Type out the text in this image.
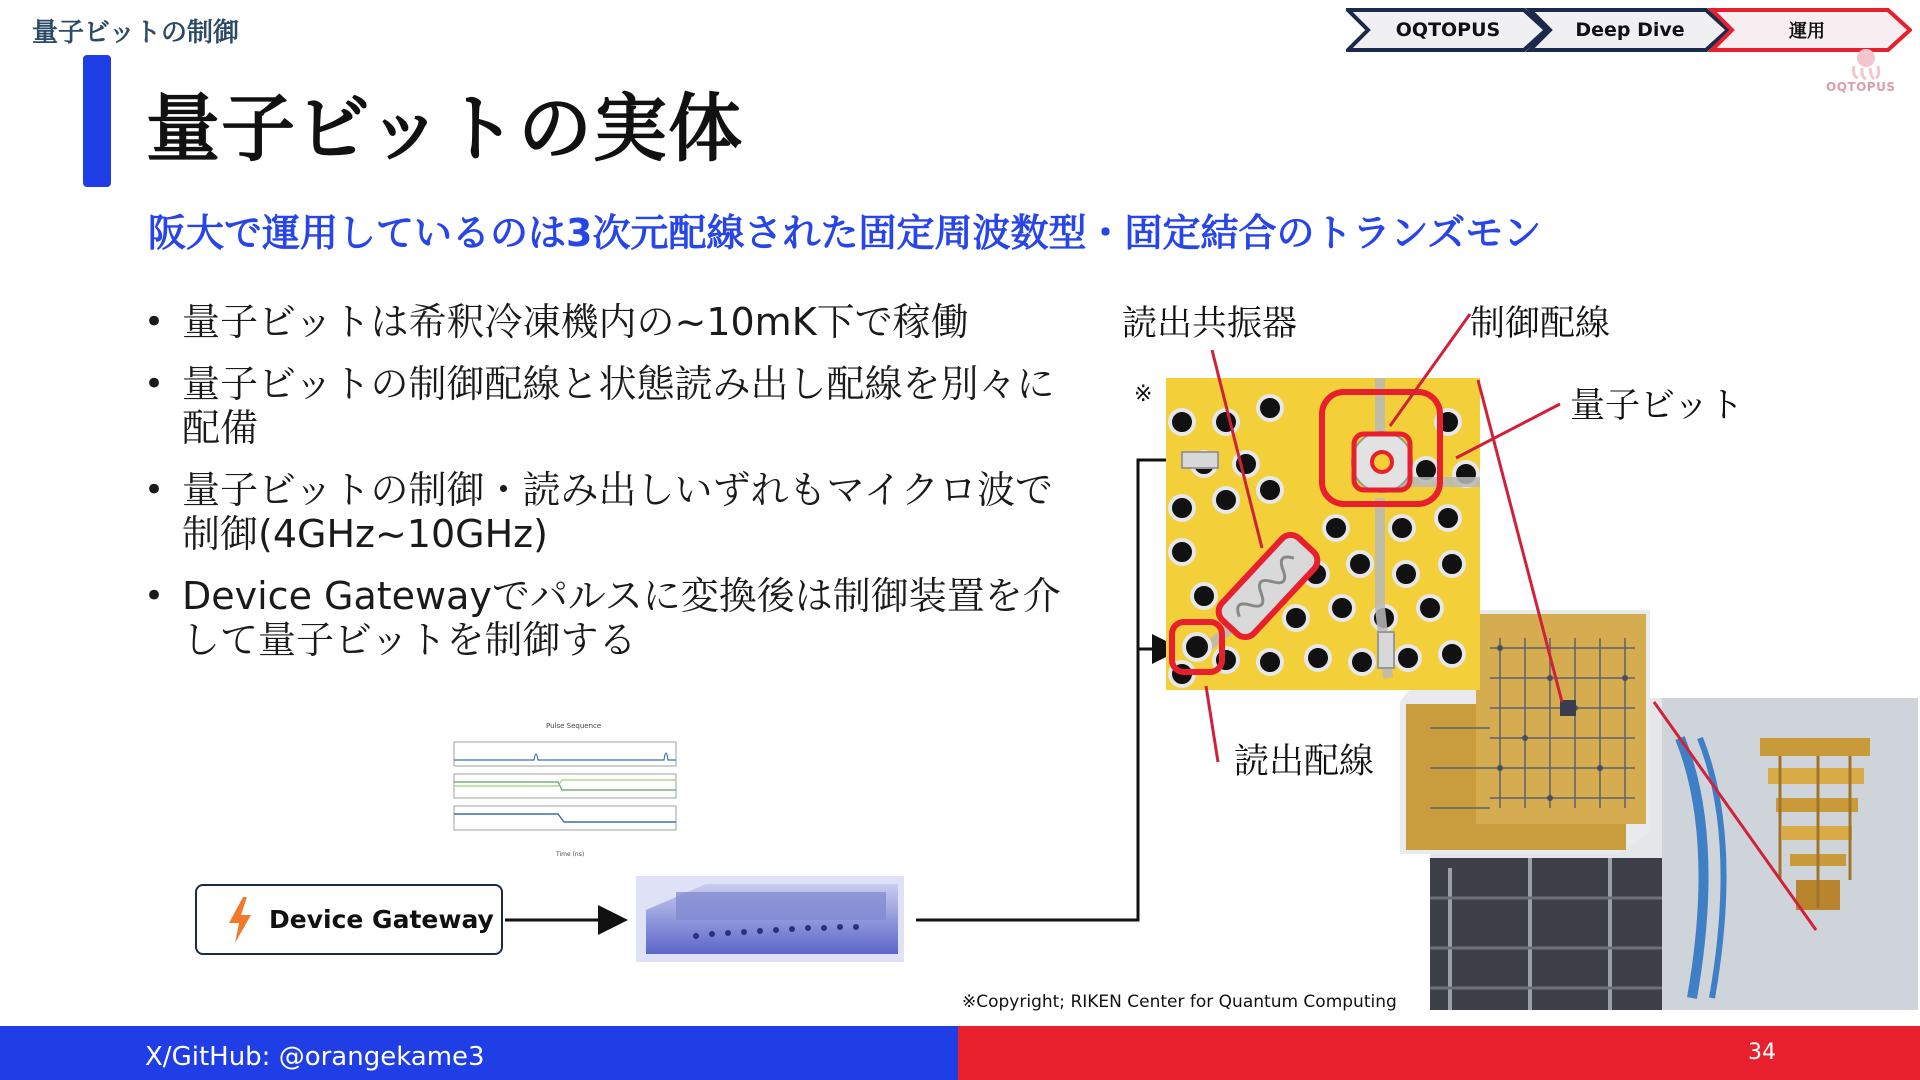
量子ビットの制御	OQTOPUS	Deep Dive	運用
OQTOPUS
量子ビットの実体
阪大で運用しているのは3次元配線された固定周波数型・固定結合のトランズモン
• 量子ビットは希釈冷凍機内の~10mK下で稼働
• 量子ビットの制御配線と状態読み出し配線を別々に配備
• 量子ビットの制御・読み出しいずれもマイクロ波で制御(4GHz~10GHz)
• Device Gatewayでパルスに変換後は制御装置を介して量子ビットを制御する
Pulse Sequence
Time (ns)
Device Gateway
読出共振器	制御配線
量子ビット
読出配線
※
※Copyright; RIKEN Center for Quantum Computing
X/GitHub: @orangekame3	34
